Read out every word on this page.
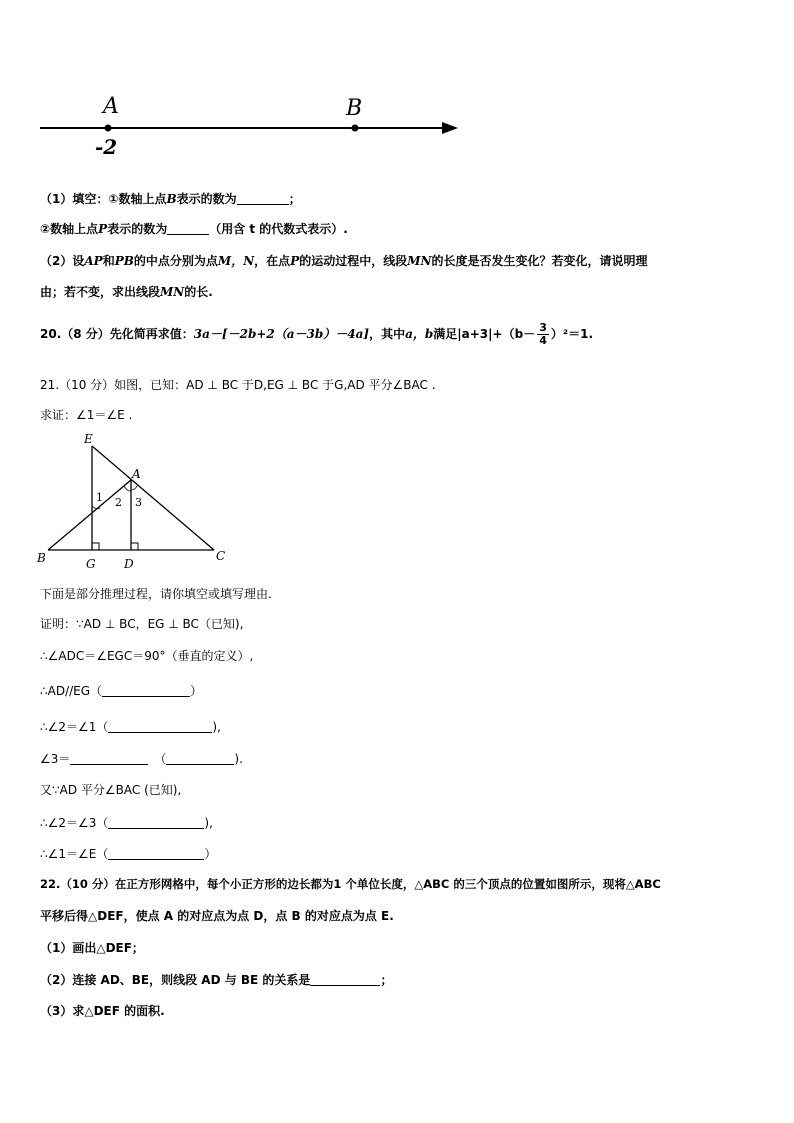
A	B
-2
（1）填空：①数轴上点B表示的数为	；
②数轴上点P表示的数为	（用含 t 的代数式表示）.
（2）设AP和PB的中点分别为点M，N，在点P的运动过程中，线段MN的长度是否发生变化？若变化，请说明理
由；若不变，求出线段MN的长.
20.（8 分）先化简再求值：3a－[－2b+2（a－3b）－4a]，其中a，b满足$|a+3|+(b- \frac{3}{4} )^2=1$.
21.（10 分）如图，已知：AD ⊥ BC 于D,EG ⊥ BC 于G,AD 平分∠BAC .
求证：∠1＝∠E .
E
A
B	C
G D
1 2 3
下面是部分推理过程，请你填空或填写理由.
证明：∵AD ⊥ BC，EG ⊥ BC（已知),
∴∠ADC＝∠EGC＝90°（垂直的定义）,
∴AD//EG（	）
∴∠2＝∠1（	),
∠3＝	（	).
又∵AD 平分∠BAC (已知),
∴∠2＝∠3（	),
∴∠1＝∠E（	）
22.（10 分）在正方形网格中，每个小正方形的边长都为1 个单位长度，△ABC 的三个顶点的位置如图所示，现将△ABC
平移后得△DEF，使点 A 的对应点为点 D，点 B 的对应点为点 E.
（1）画出△DEF；
（2）连接 AD、BE，则线段 AD 与 BE 的关系是	；
（3）求△DEF 的面积.
